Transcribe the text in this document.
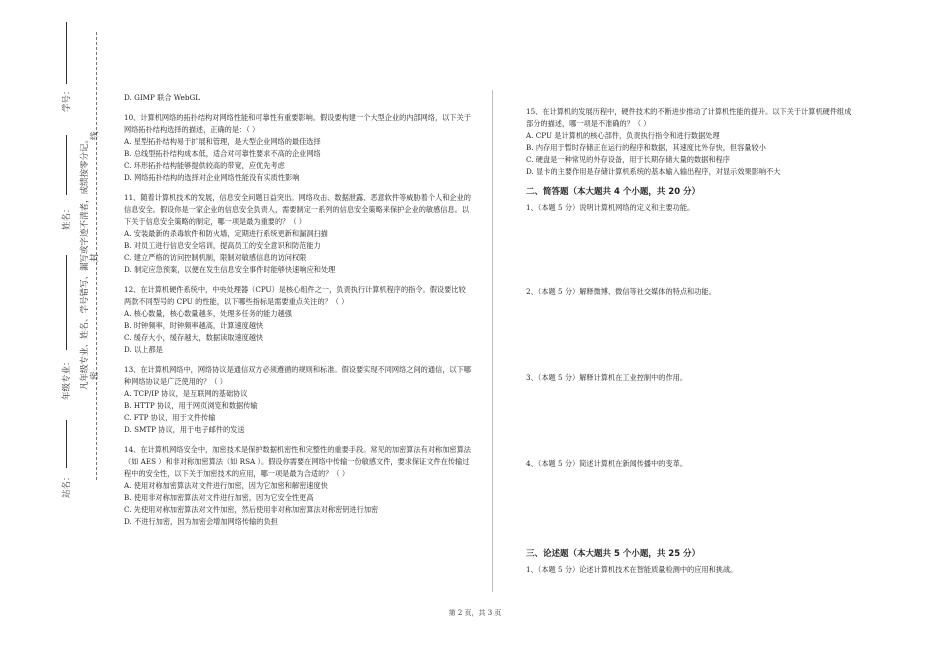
学号：
姓名：
年级专业：
站名：
凡年级专业、姓名、学号错写、漏写或字迹不清者，成绩按零分记。 线
封
密

D. GIMP 联合 WebGL

10、计算机网络的拓扑结构对网络性能和可靠性有重要影响。假设要构建一个大型企业的内部网络，以下关于网络拓扑结构选择的描述，正确的是：（ ）

A. 星型拓扑结构易于扩展和管理，是大型企业网络的最佳选择

B. 总线型拓扑结构成本低，适合对可靠性要求不高的企业网络

C. 环形拓扑结构能够提供较高的带宽，应优先考虑

D. 网络拓扑结构的选择对企业网络性能没有实质性影响

11、随着计算机技术的发展，信息安全问题日益突出。网络攻击、数据泄露、恶意软件等威胁着个人和企业的信息安全。假设你是一家企业的信息安全负责人，需要制定一系列的信息安全策略来保护企业的敏感信息。以下关于信息安全策略的制定，哪一项是最为重要的？（ ）

A. 安装最新的杀毒软件和防火墙，定期进行系统更新和漏洞扫描

B. 对员工进行信息安全培训，提高员工的安全意识和防范能力

C. 建立严格的访问控制机制，限制对敏感信息的访问权限

D. 制定应急预案，以便在发生信息安全事件时能够快速响应和处理

12、在计算机硬件系统中，中央处理器（CPU）是核心组件之一，负责执行计算机程序的指令。假设要比较两款不同型号的 CPU 的性能，以下哪些指标是需要重点关注的？（ ）

A. 核心数量，核心数量越多，处理多任务的能力越强

B. 时钟频率，时钟频率越高，计算速度越快

C. 缓存大小，缓存越大，数据读取速度越快

D. 以上都是

13、在计算机网络中，网络协议是通信双方必须遵循的规则和标准。假设要实现不同网络之间的通信，以下哪种网络协议是广泛使用的？（ ）

A. TCP/IP 协议，是互联网的基础协议

B. HTTP 协议，用于网页浏览和数据传输

C. FTP 协议，用于文件传输

D. SMTP 协议，用于电子邮件的发送

14、在计算机网络安全中，加密技术是保护数据机密性和完整性的重要手段。常见的加密算法有对称加密算法（如 AES ）和非对称加密算法（如 RSA ）。假设你需要在网络中传输一份敏感文件，要求保证文件在传输过程中的安全性，以下关于加密技术的应用，哪一项是最为合适的？（ ）

A. 使用对称加密算法对文件进行加密，因为它加密和解密速度快

B. 使用非对称加密算法对文件进行加密，因为它安全性更高

C. 先使用对称加密算法对文件加密，然后使用非对称加密算法对称密钥进行加密

D. 不进行加密，因为加密会增加网络传输的负担

15、在计算机的发展历程中，硬件技术的不断进步推动了计算机性能的提升。以下关于计算机硬件组成部分的描述，哪一项是不准确的？（ ）

A. CPU 是计算机的核心部件，负责执行指令和进行数据处理

B. 内存用于暂时存储正在运行的程序和数据，其速度比外存快，但容量较小

C. 硬盘是一种常见的外存设备，用于长期存储大量的数据和程序

D. 显卡的主要作用是存储计算机系统的基本输入输出程序，对显示效果影响不大

二、简答题（本大题共 4 个小题，共 20 分）

1、（本题 5 分）说明计算机网络的定义和主要功能。

2、（本题 5 分）解释微博、微信等社交媒体的特点和功能。

3、（本题 5 分）解释计算机在工业控制中的作用。

4、（本题 5 分）简述计算机在新闻传播中的变革。

三、论述题（本大题共 5 个小题，共 25 分）

1、（本题 5 分）论述计算机技术在智能质量检测中的应用和挑战。

第 2 页，共 3 页
